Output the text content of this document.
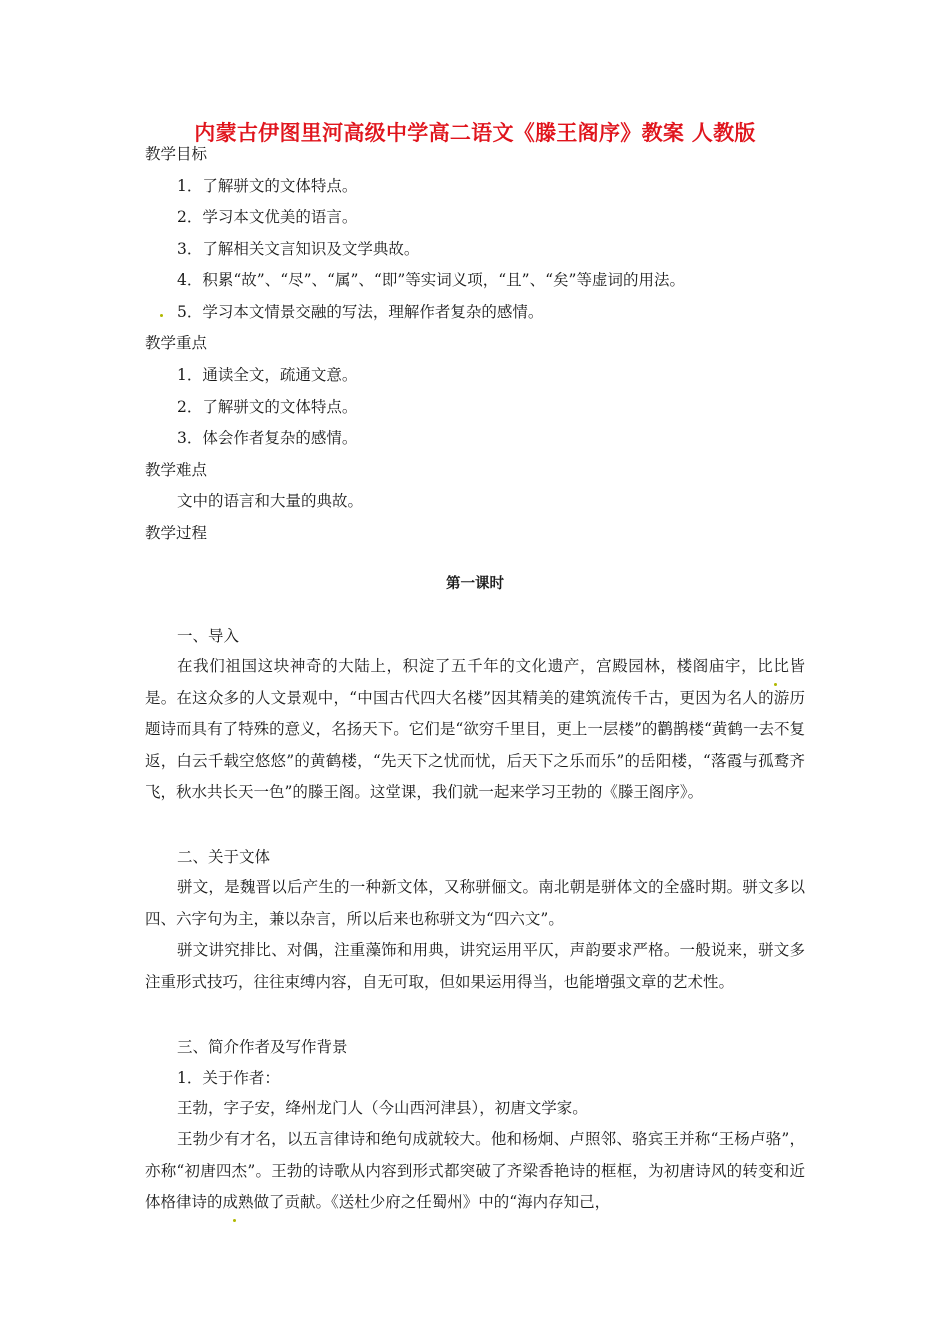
内蒙古伊图里河高级中学高二语文《滕王阁序》教案 人教版
教学目标
1．了解骈文的文体特点。
2．学习本文优美的语言。
3．了解相关文言知识及文学典故。
4．积累“故”、“尽”、“属”、“即”等实词义项，“且”、“矣”等虚词的用法。
5．学习本文情景交融的写法，理解作者复杂的感情。
教学重点
1．通读全文，疏通文意。
2．了解骈文的文体特点。
3．体会作者复杂的感情。
教学难点
文中的语言和大量的典故。
教学过程
第一课时
一、导入
在我们祖国这块神奇的大陆上，积淀了五千年的文化遗产，宫殿园林，楼阁庙宇，比比皆是。在这众多的人文景观中，“中国古代四大名楼”因其精美的建筑流传千古，更因为名人的游历题诗而具有了特殊的意义，名扬天下。它们是“欲穷千里目，更上一层楼”的鹳鹊楼“黄鹤一去不复返，白云千载空悠悠”的黄鹤楼，“先天下之忧而忧，后天下之乐而乐”的岳阳楼，“落霞与孤鹜齐飞，秋水共长天一色”的滕王阁。这堂课，我们就一起来学习王勃的《滕王阁序》。
二、关于文体
骈文，是魏晋以后产生的一种新文体，又称骈俪文。南北朝是骈体文的全盛时期。骈文多以四、六字句为主，兼以杂言，所以后来也称骈文为“四六文”。
骈文讲究排比、对偶，注重藻饰和用典，讲究运用平仄，声韵要求严格。一般说来，骈文多注重形式技巧，往往束缚内容，自无可取，但如果运用得当，也能增强文章的艺术性。
三、简介作者及写作背景
1．关于作者：
王勃，字子安，绛州龙门人（今山西河津县），初唐文学家。
王勃少有才名，以五言律诗和绝句成就较大。他和杨炯、卢照邻、骆宾王并称“王杨卢骆”，亦称“初唐四杰”。王勃的诗歌从内容到形式都突破了齐梁香艳诗的框框，为初唐诗风的转变和近体格律诗的成熟做了贡献。《送杜少府之任蜀州》中的“海内存知己，
